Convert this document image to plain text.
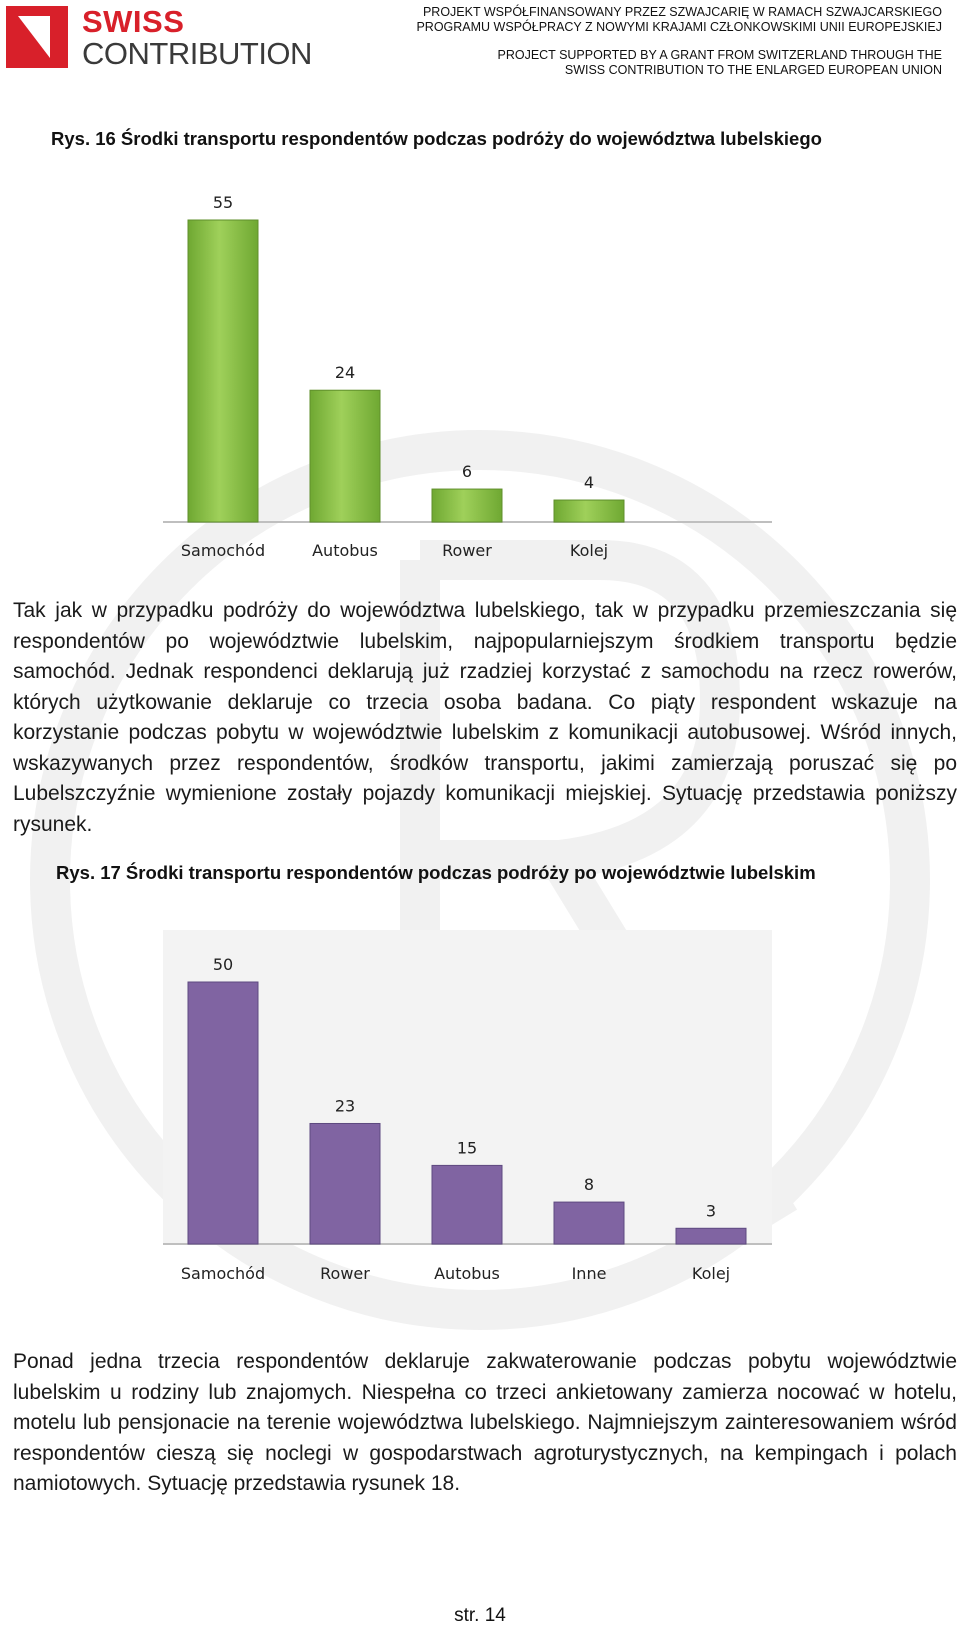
SWISS
CONTRIBUTION
PROJEKT WSPÓŁFINANSOWANY PRZEZ SZWAJCARIĘ W RAMACH SZWAJCARSKIEGO
PROGRAMU WSPÓŁPRACY Z NOWYMI KRAJAMI CZŁONKOWSKIMI UNII EUROPEJSKIEJ
PROJECT SUPPORTED BY A GRANT FROM SWITZERLAND THROUGH THE
SWISS CONTRIBUTION TO THE ENLARGED EUROPEAN UNION
Rys. 16 Środki transportu respondentów podczas podróży do województwa lubelskiego
55
Samochód
24
Autobus
6
Rower
4
Kolej

Tak jak w przypadku podróży do województwa lubelskiego, tak w przypadku przemieszczania się respondentów po województwie lubelskim, najpopularniejszym środkiem transportu będzie samochód. Jednak respondenci deklarują już rzadziej korzystać z samochodu na rzecz rowerów, których użytkowanie deklaruje co trzecia osoba badana. Co piąty respondent wskazuje na korzystanie podczas pobytu w województwie lubelskim z komunikacji autobusowej. Wśród innych, wskazywanych przez respondentów, środków transportu, jakimi zamierzają poruszać się po Lubelszczyźnie wymienione zostały pojazdy komunikacji miejskiej. Sytuację przedstawia poniższy rysunek.

Rys. 17 Środki transportu respondentów podczas podróży po województwie lubelskim
50
Samochód
23
Rower
15
Autobus
8
Inne
3
Kolej

Ponad jedna trzecia respondentów deklaruje zakwaterowanie podczas pobytu województwie lubelskim u rodziny lub znajomych. Niespełna co trzeci ankietowany zamierza nocować w hotelu, motelu lub pensjonacie na terenie województwa lubelskiego. Najmniejszym zainteresowaniem wśród respondentów cieszą się noclegi w gospodarstwach agroturystycznych, na kempingach i polach namiotowych. Sytuację przedstawia rysunek 18.

str. 14
